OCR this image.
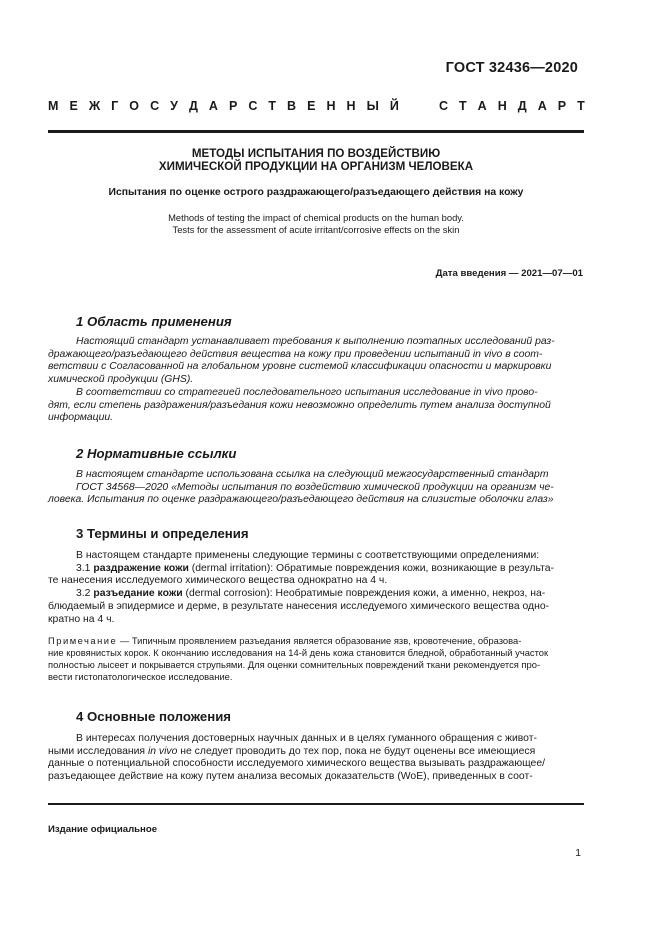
ГОСТ 32436—2020
М Е Ж Г О С У Д А Р С Т В Е Н Н Ы Й

	С Т А Н Д А Р Т
МЕТОДЫ ИСПЫТАНИЯ ПО ВОЗДЕЙСТВИЮ
ХИМИЧЕСКОЙ ПРОДУКЦИИ НА ОРГАНИЗМ ЧЕЛОВЕКА
Испытания по оценке острого раздражающего/разъедающего действия на кожу
Methods of testing the impact of chemical products on the human body.
Tests for the assessment of acute irritant/corrosive effects on the skin
Дата введения — 2021—07—01
1 Область применения
Настоящий стандарт устанавливает требования к выполнению поэтапных исследований раз-
дражающего/разъедающего действия вещества на кожу при проведении испытаний in vivo в соот-
ветствии с Согласованной на глобальном уровне системой классификации опасности и маркировки
химической продукции (GHS).
В соответствии со стратегией последовательного испытания исследование in vivo прово-
дят, если степень раздражения/разъедания кожи невозможно определить путем анализа доступной
информации.
2 Нормативные ссылки
В настоящем стандарте использована ссылка на следующий межгосударственный стандарт
ГОСТ 34568—2020 «Методы испытания по воздействию химической продукции на организм че-
ловека. Испытания по оценке раздражающего/разъедающего действия на слизистые оболочки глаз»
3 Термины и определения
В настоящем стандарте применены следующие термины с соответствующими определениями:
3.1 раздражение кожи (dermal irritation): Обратимые повреждения кожи, возникающие в результа-
те нанесения исследуемого химического вещества однократно на 4 ч.
3.2 разъедание кожи (dermal corrosion): Необратимые повреждения кожи, а именно, некроз, на-
блюдаемый в эпидермисе и дерме, в результате нанесения исследуемого химического вещества одно-
кратно на 4 ч.
Примечание — Типичным проявлением разъедания является образование язв, кровотечение, образова-
ние кровянистых корок. К окончанию исследования на 14-й день кожа становится бледной, обработанный участок
полностью лысеет и покрывается струпьями. Для оценки сомнительных повреждений ткани рекомендуется про-
вести гистопатологическое исследование.
4 Основные положения
В интересах получения достоверных научных данных и в целях гуманного обращения с живот-
ными исследования in vivo не следует проводить до тех пор, пока не будут оценены все имеющиеся
данные о потенциальной способности исследуемого химического вещества вызывать раздражающее/
разъедающее действие на кожу путем анализа весомых доказательств (WoE), приведенных в соот-
Издание официальное
1
